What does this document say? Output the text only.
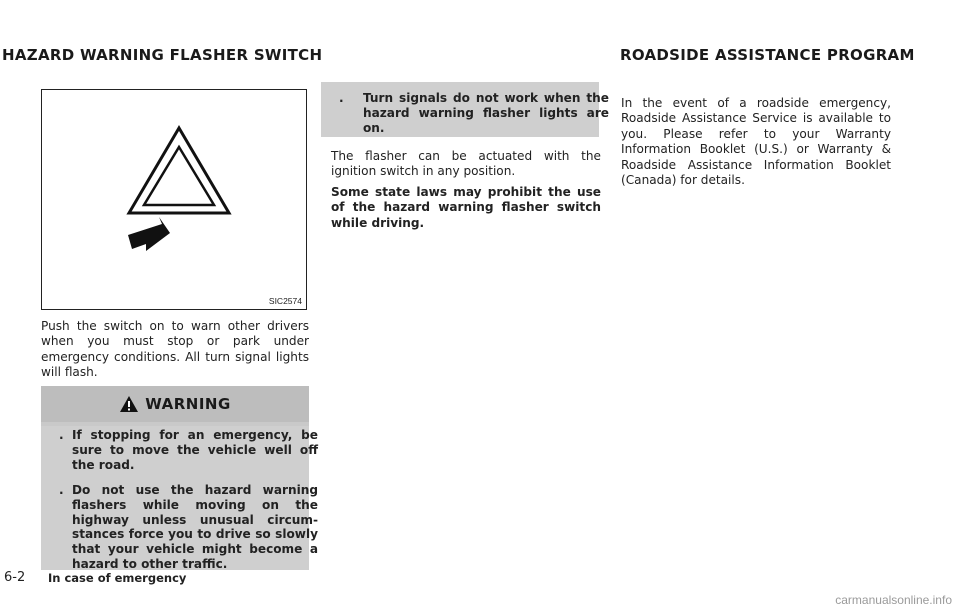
HAZARD WARNING FLASHER SWITCH	ROADSIDE ASSISTANCE PROGRAM
SIC2574

Push the switch on to warn other drivers when you must stop or park under emergency conditions. All turn signal lights will flash.

WARNING
. If stopping for an emergency, be sure to move the vehicle well off the road.
. Do not use the hazard warning flashers while moving on the highway unless unusual circum-stances force you to drive so slowly that your vehicle might become a hazard to other traffic.
. Turn signals do not work when the hazard warning flasher lights are on.

The flasher can be actuated with the ignition switch in any position.

Some state laws may prohibit the use of the hazard warning flasher switch while driving.

In the event of a roadside emergency, Roadside Assistance Service is available to you. Please refer to your Warranty Information Booklet (U.S.) or Warranty & Roadside Assistance Information Booklet (Canada) for details.

6-2 In case of emergency
carmanualsonline.info
